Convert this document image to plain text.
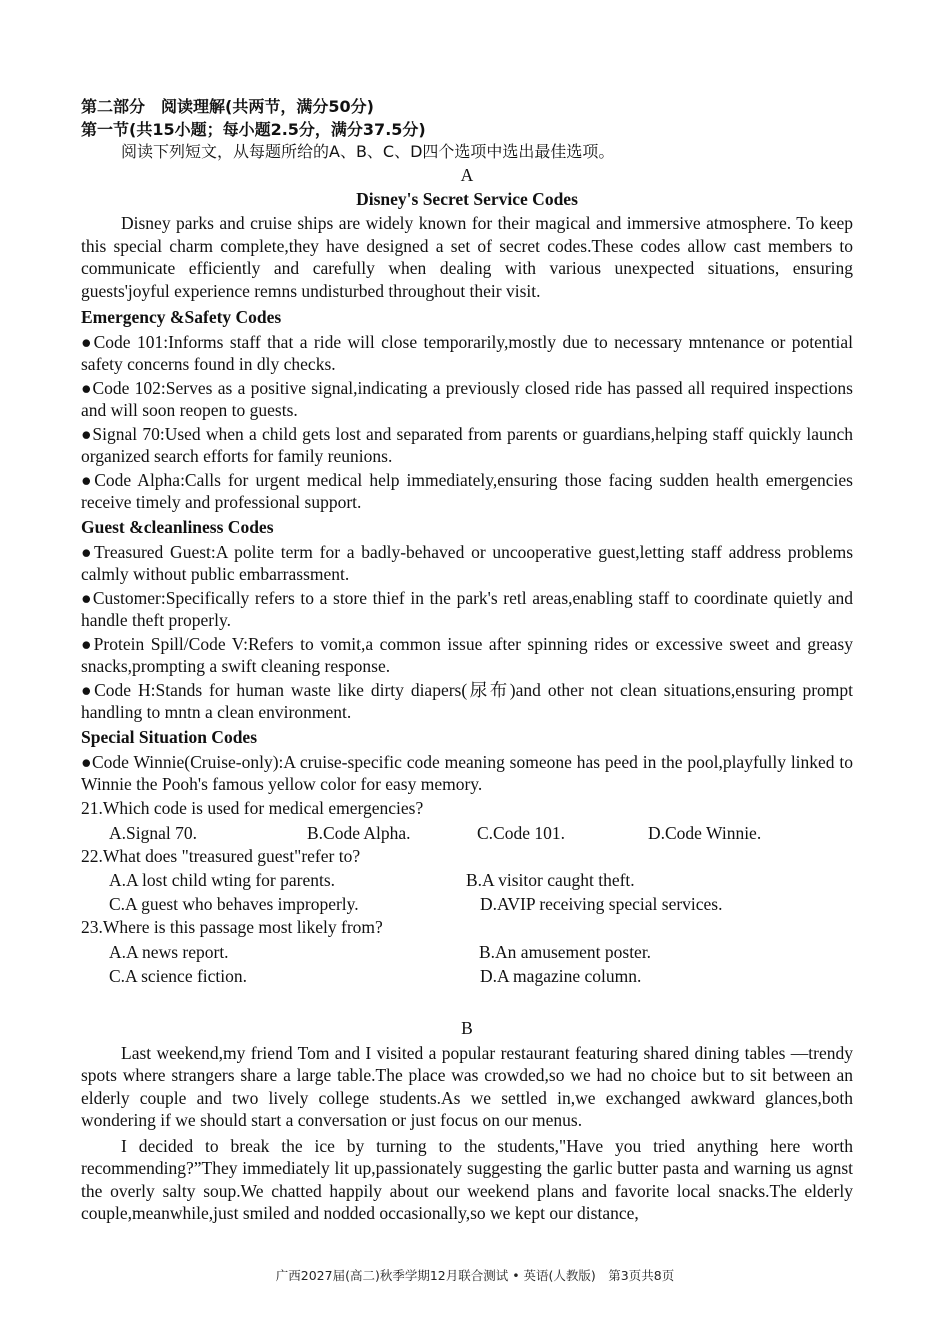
第二部分　阅读理解(共两节，满分50分)

第一节(共15小题；每小题2.5分，满分37.5分)

阅读下列短文，从每题所给的A、B、C、D四个选项中选出最佳选项。

A

Disney's Secret Service Codes

Disney parks and cruise ships are widely known for their magical and immersive atmosphere. To keep this special charm complete,they have designed a set of secret codes.These codes allow cast members to communicate efficiently and carefully when dealing with various unexpected situations, ensuring guests'joyful experience remns undisturbed throughout their visit.

Emergency &Safety Codes

●Code 101:Informs staff that a ride will close temporarily,mostly due to necessary mntenance or potential safety concerns found in dly checks.

●Code 102:Serves as a positive signal,indicating a previously closed ride has passed all required inspections and will soon reopen to guests.

●Signal 70:Used when a child gets lost and separated from parents or guardians,helping staff quickly launch organized search efforts for family reunions.

●Code Alpha:Calls for urgent medical help immediately,ensuring those facing sudden health emergencies receive timely and professional support.

Guest &cleanliness Codes

●Treasured Guest:A polite term for a badly-behaved or uncooperative guest,letting staff address problems calmly without public embarrassment.

●Customer:Specifically refers to a store thief in the park's retl areas,enabling staff to coordinate quietly and handle theft properly.

●Protein Spill/Code V:Refers to vomit,a common issue after spinning rides or excessive sweet and greasy snacks,prompting a swift cleaning response.

●Code H:Stands for human waste like dirty diapers(尿布)and other not clean situations,ensuring prompt handling to mntn a clean environment.

Special Situation Codes

●Code Winnie(Cruise-only):A cruise-specific code meaning someone has peed in the pool,playfully linked to Winnie the Pooh's famous yellow color for easy memory.

21.Which code is used for medical emergencies?

A.Signal 70.	B.Code Alpha.	C.Code 101.	D.Code Winnie.

22.What does "treasured guest"refer to?

A.A lost child wting for parents.	B.A visitor caught theft.
C.A guest who behaves improperly.	D.AVIP receiving special services.

23.Where is this passage most likely from?

A.A news report.	B.An amusement poster.
C.A science fiction.	D.A magazine column.

B

Last weekend,my friend Tom and I visited a popular restaurant featuring shared dining tables —trendy spots where strangers share a large table.The place was crowded,so we had no choice but to sit between an elderly couple and two lively college students.As we settled in,we exchanged awkward glances,both wondering if we should start a conversation or just focus on our menus.

I decided to break the ice by turning to the students,"Have you tried anything here worth recommending?”They immediately lit up,passionately suggesting the garlic butter pasta and warning us agnst the overly salty soup.We chatted happily about our weekend plans and favorite local snacks.The elderly couple,meanwhile,just smiled and nodded occasionally,so we kept our distance,

广西2027届(高二)秋季学期12月联合测试 • 英语(人教版)　第3页共8页
